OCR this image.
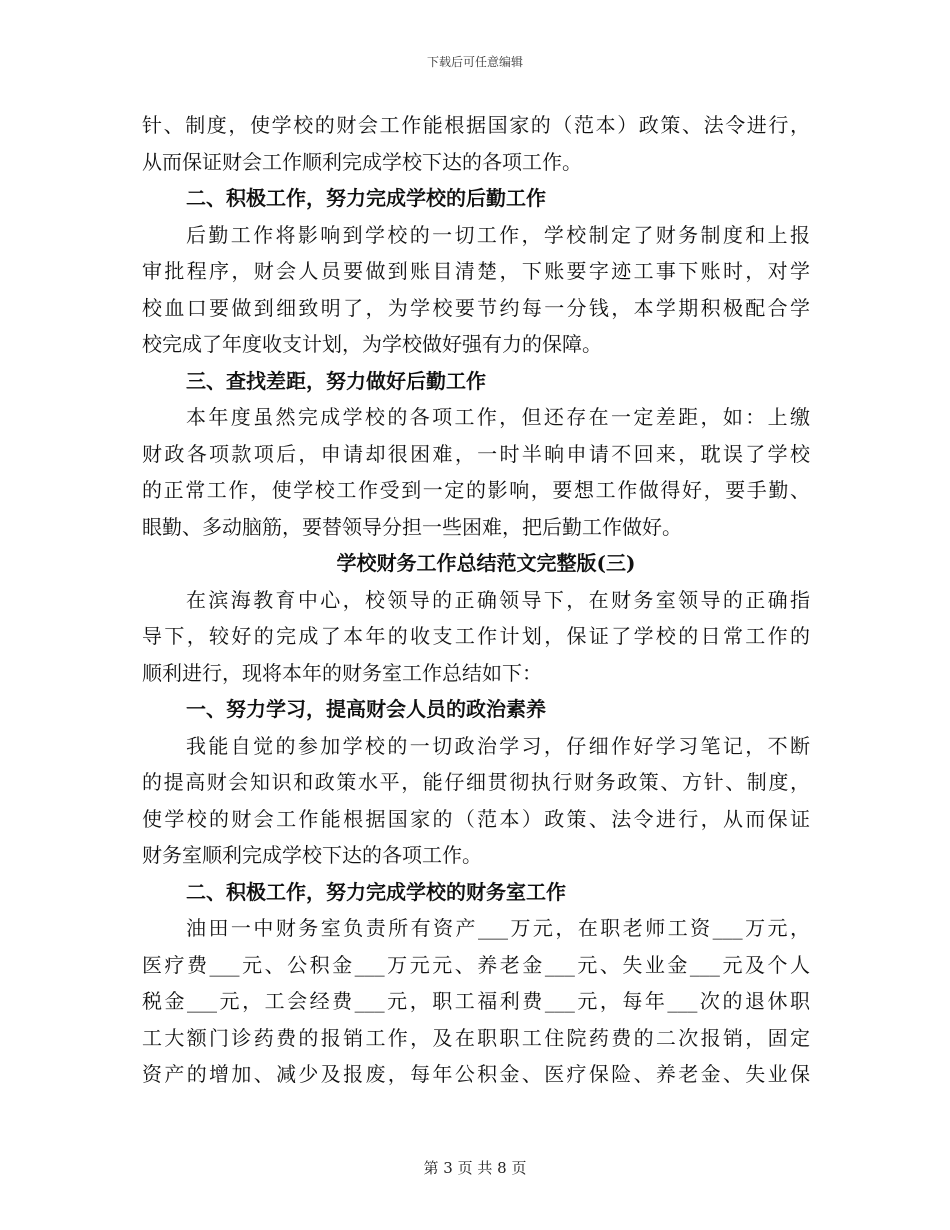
下载后可任意编辑
针、制度，使学校的财会工作能根据国家的（范本）政策、法令进行，
从而保证财会工作顺利完成学校下达的各项工作。
二、积极工作，努力完成学校的后勤工作
后勤工作将影响到学校的一切工作，学校制定了财务制度和上报
审批程序，财会人员要做到账目清楚，下账要字迹工事下账时，对学
校血口要做到细致明了，为学校要节约每一分钱，本学期积极配合学
校完成了年度收支计划，为学校做好强有力的保障。
三、查找差距，努力做好后勤工作
本年度虽然完成学校的各项工作，但还存在一定差距，如：上缴
财政各项款项后，申请却很困难，一时半晌申请不回来，耽误了学校
的正常工作，使学校工作受到一定的影响，要想工作做得好，要手勤、
眼勤、多动脑筋，要替领导分担一些困难，把后勤工作做好。
学校财务工作总结范文完整版(三)
在滨海教育中心，校领导的正确领导下，在财务室领导的正确指
导下，较好的完成了本年的收支工作计划，保证了学校的日常工作的
顺利进行，现将本年的财务室工作总结如下：
一、努力学习，提高财会人员的政治素养
我能自觉的参加学校的一切政治学习，仔细作好学习笔记，不断
的提高财会知识和政策水平，能仔细贯彻执行财务政策、方针、制度，
使学校的财会工作能根据国家的（范本）政策、法令进行，从而保证
财务室顺利完成学校下达的各项工作。
二、积极工作，努力完成学校的财务室工作
油田一中财务室负责所有资产___万元，在职老师工资___万元，
医疗费___元、公积金___万元元、养老金___元、失业金___元及个人
税金___元，工会经费___元，职工福利费___元，每年___次的退休职
工大额门诊药费的报销工作，及在职职工住院药费的二次报销，固定
资产的增加、减少及报废，每年公积金、医疗保险、养老金、失业保
第 3 页 共 8 页
